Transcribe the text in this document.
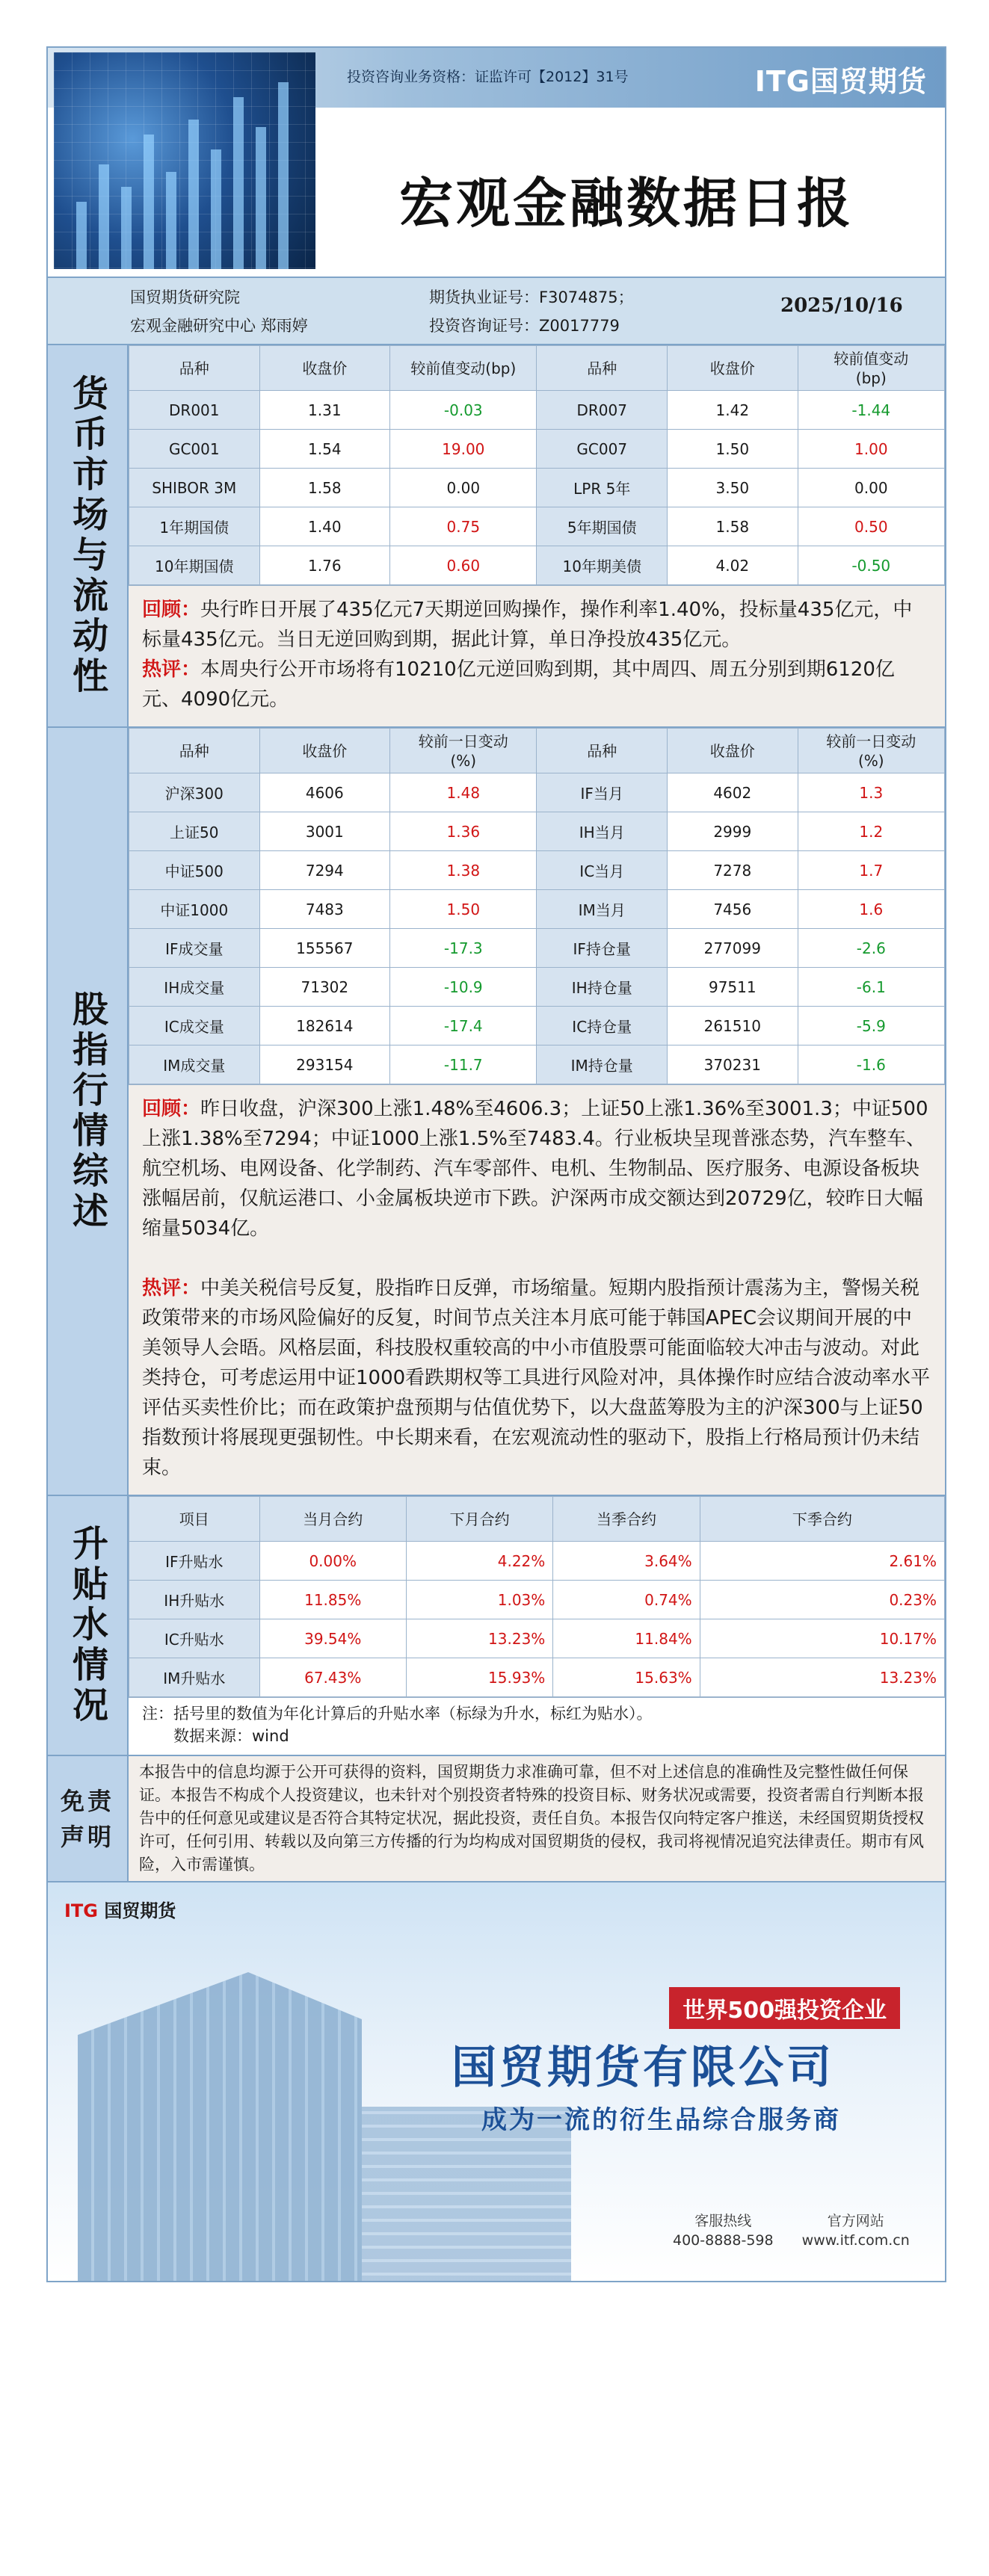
投资咨询业务资格：证监许可【2012】31号	ITG国贸期货
宏观金融数据日报
国贸期货研究院
宏观金融研究中心 郑雨婷
期货执业证号：F3074875；
投资咨询证号：Z0017779
2025/10/16
货币市场与流动性
品种	收盘价	较前值变动(bp)	品种	收盘价	较前值变动
(bp)
DR001	1.31	-0.03	DR007	1.42	-1.44
GC001	1.54	19.00	GC007	1.50	1.00
SHIBOR 3M	1.58	0.00	LPR 5年	3.50	0.00
1年期国债	1.40	0.75	5年期国债	1.58	0.50
10年期国债	1.76	0.60	10年期美债	4.02	-0.50

回顾：央行昨日开展了435亿元7天期逆回购操作，操作利率1.40%，投标量435亿元，中标量435亿元。当日无逆回购到期，据此计算，单日净投放435亿元。

热评：本周央行公开市场将有10210亿元逆回购到期，其中周四、周五分别到期6120亿元、4090亿元。

股指行情综述
品种	收盘价	较前一日变动
(%)	品种	收盘价	较前一日变动
(%)
沪深300	4606	1.48	IF当月	4602	1.3
上证50	3001	1.36	IH当月	2999	1.2
中证500	7294	1.38	IC当月	7278	1.7
中证1000	7483	1.50	IM当月	7456	1.6
IF成交量	155567	-17.3	IF持仓量	277099	-2.6
IH成交量	71302	-10.9	IH持仓量	97511	-6.1
IC成交量	182614	-17.4	IC持仓量	261510	-5.9
IM成交量	293154	-11.7	IM持仓量	370231	-1.6

回顾：昨日收盘，沪深300上涨1.48%至4606.3；上证50上涨1.36%至3001.3；中证500上涨1.38%至7294；中证1000上涨1.5%至7483.4。行业板块呈现普涨态势，汽车整车、航空机场、电网设备、化学制药、汽车零部件、电机、生物制品、医疗服务、电源设备板块涨幅居前，仅航运港口、小金属板块逆市下跌。沪深两市成交额达到20729亿，较昨日大幅缩量5034亿。

热评：中美关税信号反复，股指昨日反弹，市场缩量。短期内股指预计震荡为主，警惕关税政策带来的市场风险偏好的反复，时间节点关注本月底可能于韩国APEC会议期间开展的中美领导人会晤。风格层面，科技股权重较高的中小市值股票可能面临较大冲击与波动。对此类持仓，可考虑运用中证1000看跌期权等工具进行风险对冲，具体操作时应结合波动率水平评估买卖性价比；而在政策护盘预期与估值优势下，以大盘蓝筹股为主的沪深300与上证50指数预计将展现更强韧性。中长期来看，在宏观流动性的驱动下，股指上行格局预计仍未结束。

升贴水情况
项目	当月合约	下月合约	当季合约	下季合约
IF升贴水	0.00%	4.22%	3.64%	2.61%
IH升贴水	11.85%	1.03%	0.74%	0.23%
IC升贴水	39.54%	13.23%	11.84%	10.17%
IM升贴水	67.43%	15.93%	15.63%	13.23%
注：括号里的数值为年化计算后的升贴水率（标绿为升水，标红为贴水）。
数据来源：wind
免责
声明
本报告中的信息均源于公开可获得的资料，国贸期货力求准确可靠，但不对上述信息的准确性及完整性做任何保证。本报告不构成个人投资建议，也未针对个别投资者特殊的投资目标、财务状况或需要，投资者需自行判断本报告中的任何意见或建议是否符合其特定状况，据此投资，责任自负。本报告仅向特定客户推送，未经国贸期货授权许可，任何引用、转载以及向第三方传播的行为均构成对国贸期货的侵权，我司将视情况追究法律责任。期市有风险，入市需谨慎。
ITG 国贸期货
世界500强投资企业
国贸期货有限公司
成为一流的衍生品综合服务商
客服热线
400-8888-598

官方网站
www.itf.com.cn
